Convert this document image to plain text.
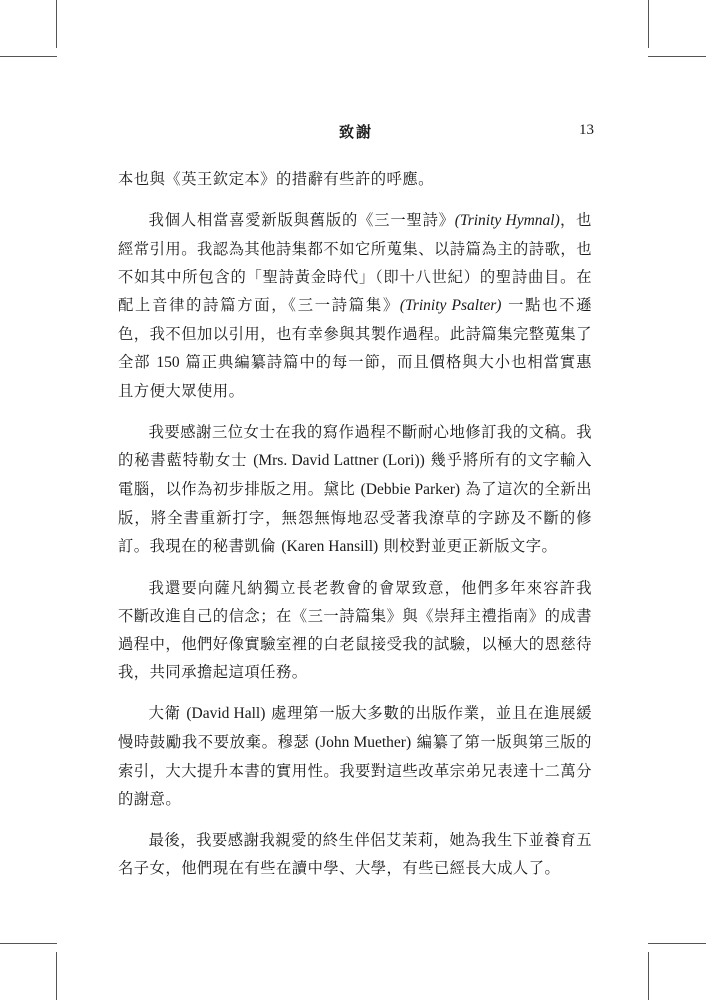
致謝	13

本也與《英王欽定本》的措辭有些許的呼應。

我個人相當喜愛新版與舊版的《三一聖詩》(Trinity Hymnal)，也經常引用。我認為其他詩集都不如它所蒐集、以詩篇為主的詩歌，也不如其中所包含的「聖詩黃金時代」（即十八世紀）的聖詩曲目。在配上音律的詩篇方面，《三一詩篇集》(Trinity Psalter) 一點也不遜色，我不但加以引用，也有幸參與其製作過程。此詩篇集完整蒐集了全部 150 篇正典編纂詩篇中的每一節，而且價格與大小也相當實惠且方便大眾使用。

我要感謝三位女士在我的寫作過程不斷耐心地修訂我的文稿。我的秘書藍特勒女士 (Mrs. David Lattner (Lori)) 幾乎將所有的文字輸入電腦，以作為初步排版之用。黛比 (Debbie Parker) 為了這次的全新出版，將全書重新打字，無怨無悔地忍受著我潦草的字跡及不斷的修訂。我現在的秘書凱倫 (Karen Hansill) 則校對並更正新版文字。

我還要向薩凡納獨立長老教會的會眾致意，他們多年來容許我 不斷改進自己的信念；在《三一詩篇集》與《崇拜主禮指南》的成書過程中，他們好像實驗室裡的白老鼠接受我的試驗，以極大的恩慈待我，共同承擔起這項任務。

大衛 (David Hall) 處理第一版大多數的出版作業，並且在進展緩慢時鼓勵我不要放棄。穆瑟 (John Muether) 編纂了第一版與第三版的索引，大大提升本書的實用性。我要對這些改革宗弟兄表達十二萬分的謝意。

最後，我要感謝我親愛的終生伴侶艾茉莉，她為我生下並養育五名子女，他們現在有些在讀中學、大學，有些已經長大成人了。
